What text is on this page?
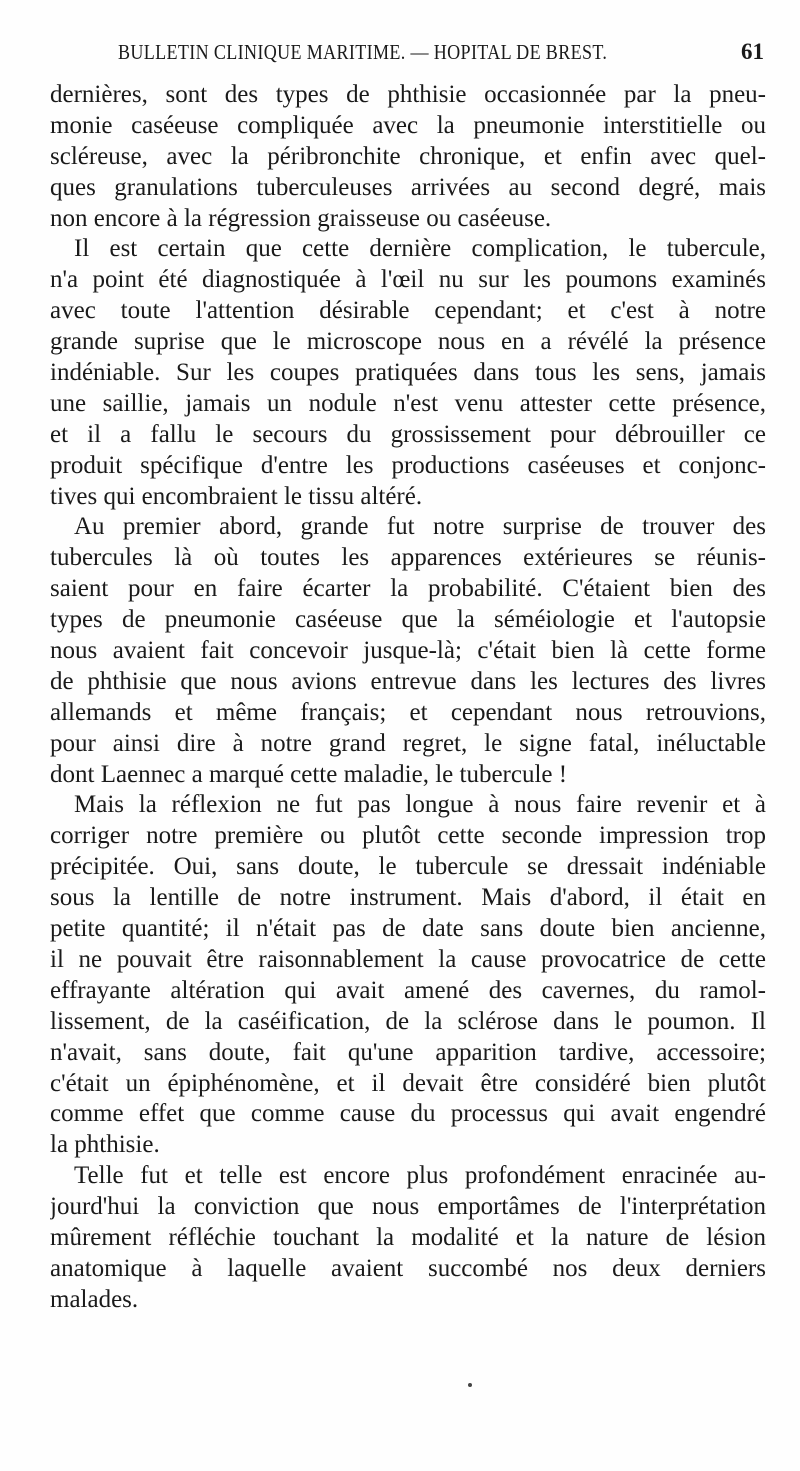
BULLETIN CLINIQUE MARITIME. — HOPITAL DE BREST.	61
dernières, sont des types de phthisie occasionnée par la pneu-
monie caséeuse compliquée avec la pneumonie interstitielle ou
scléreuse, avec la péribronchite chronique, et enfin avec quel-
ques granulations tuberculeuses arrivées au second degré, mais
non encore à la régression graisseuse ou caséeuse.
Il est certain que cette dernière complication, le tubercule,
n'a point été diagnostiquée à l'œil nu sur les poumons examinés
avec toute l'attention désirable cependant; et c'est à notre
grande suprise que le microscope nous en a révélé la présence
indéniable. Sur les coupes pratiquées dans tous les sens, jamais
une saillie, jamais un nodule n'est venu attester cette présence,
et il a fallu le secours du grossissement pour débrouiller ce
produit spécifique d'entre les productions caséeuses et conjonc-
tives qui encombraient le tissu altéré.
Au premier abord, grande fut notre surprise de trouver des
tubercules là où toutes les apparences extérieures se réunis-
saient pour en faire écarter la probabilité. C'étaient bien des
types de pneumonie caséeuse que la séméiologie et l'autopsie
nous avaient fait concevoir jusque-là; c'était bien là cette forme
de phthisie que nous avions entrevue dans les lectures des livres
allemands et même français; et cependant nous retrouvions,
pour ainsi dire à notre grand regret, le signe fatal, inéluctable
dont Laennec a marqué cette maladie, le tubercule !
Mais la réflexion ne fut pas longue à nous faire revenir et à
corriger notre première ou plutôt cette seconde impression trop
précipitée. Oui, sans doute, le tubercule se dressait indéniable
sous la lentille de notre instrument. Mais d'abord, il était en
petite quantité; il n'était pas de date sans doute bien ancienne,
il ne pouvait être raisonnablement la cause provocatrice de cette
effrayante altération qui avait amené des cavernes, du ramol-
lissement, de la caséification, de la sclérose dans le poumon. Il
n'avait, sans doute, fait qu'une apparition tardive, accessoire;
c'était un épiphénomène, et il devait être considéré bien plutôt
comme effet que comme cause du processus qui avait engendré
la phthisie.
Telle fut et telle est encore plus profondément enracinée au-
jourd'hui la conviction que nous emportâmes de l'interprétation
mûrement réfléchie touchant la modalité et la nature de lésion
anatomique à laquelle avaient succombé nos deux derniers
malades.
